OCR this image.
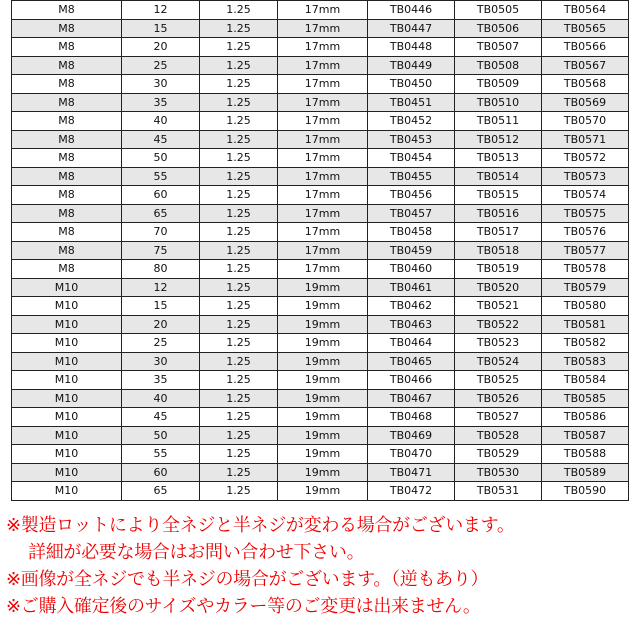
M8	12	1.25	17mm	TB0446	TB0505	TB0564
M8	15	1.25	17mm	TB0447	TB0506	TB0565
M8	20	1.25	17mm	TB0448	TB0507	TB0566
M8	25	1.25	17mm	TB0449	TB0508	TB0567
M8	30	1.25	17mm	TB0450	TB0509	TB0568
M8	35	1.25	17mm	TB0451	TB0510	TB0569
M8	40	1.25	17mm	TB0452	TB0511	TB0570
M8	45	1.25	17mm	TB0453	TB0512	TB0571
M8	50	1.25	17mm	TB0454	TB0513	TB0572
M8	55	1.25	17mm	TB0455	TB0514	TB0573
M8	60	1.25	17mm	TB0456	TB0515	TB0574
M8	65	1.25	17mm	TB0457	TB0516	TB0575
M8	70	1.25	17mm	TB0458	TB0517	TB0576
M8	75	1.25	17mm	TB0459	TB0518	TB0577
M8	80	1.25	17mm	TB0460	TB0519	TB0578
M10	12	1.25	19mm	TB0461	TB0520	TB0579
M10	15	1.25	19mm	TB0462	TB0521	TB0580
M10	20	1.25	19mm	TB0463	TB0522	TB0581
M10	25	1.25	19mm	TB0464	TB0523	TB0582
M10	30	1.25	19mm	TB0465	TB0524	TB0583
M10	35	1.25	19mm	TB0466	TB0525	TB0584
M10	40	1.25	19mm	TB0467	TB0526	TB0585
M10	45	1.25	19mm	TB0468	TB0527	TB0586
M10	50	1.25	19mm	TB0469	TB0528	TB0587
M10	55	1.25	19mm	TB0470	TB0529	TB0588
M10	60	1.25	19mm	TB0471	TB0530	TB0589
M10	65	1.25	19mm	TB0472	TB0531	TB0590
※製造ロットにより全ネジと半ネジが変わる場合がございます。
詳細が必要な場合はお問い合わせ下さい。
※画像が全ネジでも半ネジの場合がございます。（逆もあり）
※ご購入確定後のサイズやカラー等のご変更は出来ません。
